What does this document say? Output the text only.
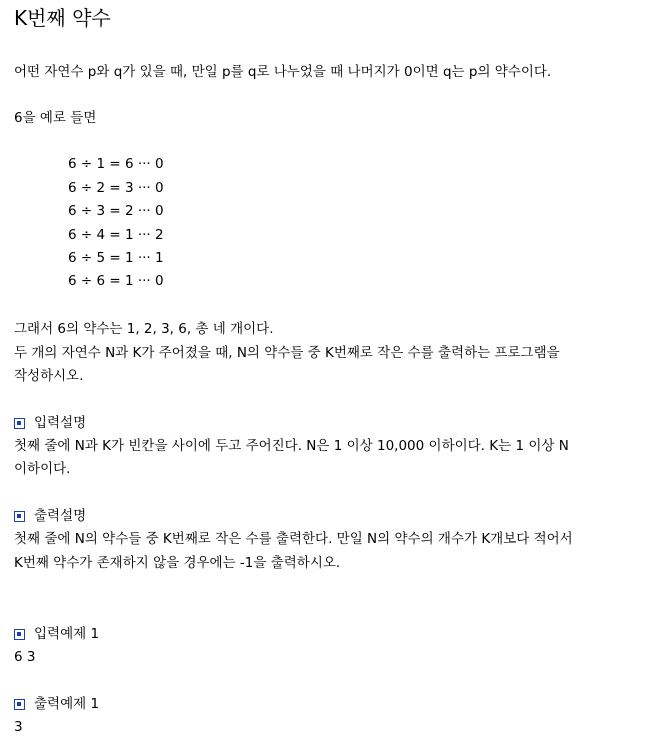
K번째 약수
어떤 자연수 p와 q가 있을 때, 만일 p를 q로 나누었을 때 나머지가 0이면 q는 p의 약수이다.
6을 예로 들면
6 ÷ 1 = 6 ··· 0
6 ÷ 2 = 3 ··· 0
6 ÷ 3 = 2 ··· 0
6 ÷ 4 = 1 ··· 2
6 ÷ 5 = 1 ··· 1
6 ÷ 6 = 1 ··· 0
그래서 6의 약수는 1, 2, 3, 6, 총 네 개이다.
두 개의 자연수 N과 K가 주어졌을 때, N의 약수들 중 K번째로 작은 수를 출력하는 프로그램을
작성하시오.
입력설명
첫째 줄에 N과 K가 빈칸을 사이에 두고 주어진다. N은 1 이상 10,000 이하이다. K는 1 이상 N
이하이다.
출력설명
첫째 줄에 N의 약수들 중 K번째로 작은 수를 출력한다. 만일 N의 약수의 개수가 K개보다 적어서
K번째 약수가 존재하지 않을 경우에는 -1을 출력하시오.
입력예제 1
6 3
출력예제 1
3
